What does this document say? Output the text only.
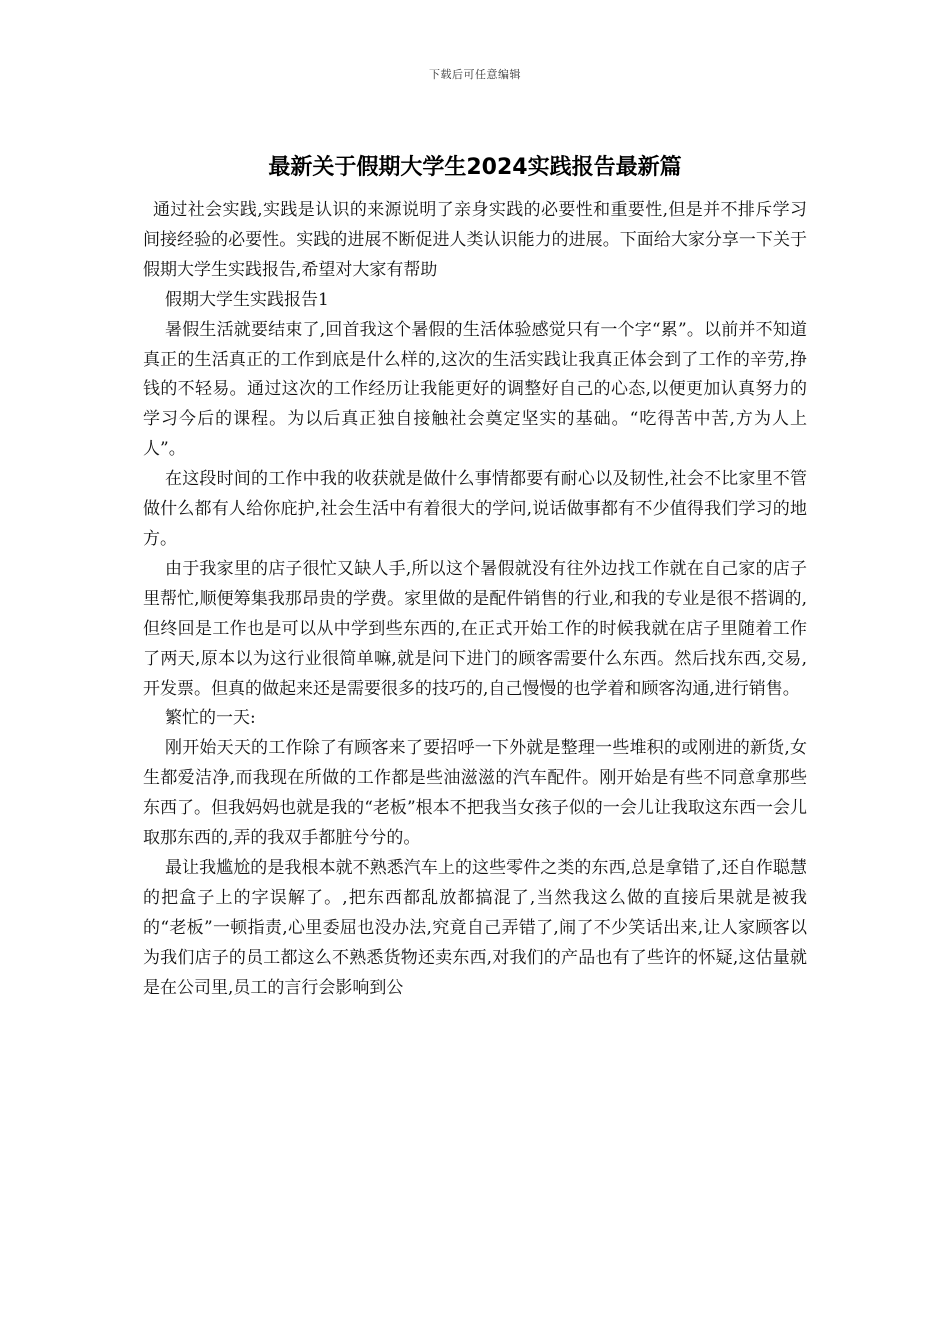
下载后可任意编辑
最新关于假期大学生2024实践报告最新篇

通过社会实践,实践是认识的来源说明了亲身实践的必要性和重要性,但是并不排斥学习间接经验的必要性。实践的进展不断促进人类认识能力的进展。下面给大家分享一下关于假期大学生实践报告,希望对大家有帮助

假期大学生实践报告1

暑假生活就要结束了,回首我这个暑假的生活体验感觉只有一个字“累”。以前并不知道真正的生活真正的工作到底是什么样的,这次的生活实践让我真正体会到了工作的辛劳,挣钱的不轻易。通过这次的工作经历让我能更好的调整好自己的心态,以便更加认真努力的学习今后的课程。为以后真正独自接触社会奠定坚实的基础。“吃得苦中苦,方为人上人”。

在这段时间的工作中我的收获就是做什么事情都要有耐心以及韧性,社会不比家里不管做什么都有人给你庇护,社会生活中有着很大的学问,说话做事都有不少值得我们学习的地方。

由于我家里的店子很忙又缺人手,所以这个暑假就没有往外边找工作就在自己家的店子里帮忙,顺便筹集我那昂贵的学费。家里做的是配件销售的行业,和我的专业是很不搭调的,但终回是工作也是可以从中学到些东西的,在正式开始工作的时候我就在店子里随着工作了两天,原本以为这行业很简单嘛,就是问下进门的顾客需要什么东西。然后找东西,交易,开发票。但真的做起来还是需要很多的技巧的,自己慢慢的也学着和顾客沟通,进行销售。

繁忙的一天:

刚开始天天的工作除了有顾客来了要招呼一下外就是整理一些堆积的或刚进的新货,女生都爱洁净,而我现在所做的工作都是些油滋滋的汽车配件。刚开始是有些不同意拿那些东西了。但我妈妈也就是我的“老板”根本不把我当女孩子似的一会儿让我取这东西一会儿取那东西的,弄的我双手都脏兮兮的。

最让我尴尬的是我根本就不熟悉汽车上的这些零件之类的东西,总是拿错了,还自作聪慧的把盒子上的字误解了。,把东西都乱放都搞混了,当然我这么做的直接后果就是被我的“老板”一顿指责,心里委屈也没办法,究竟自己弄错了,闹了不少笑话出来,让人家顾客以为我们店子的员工都这么不熟悉货物还卖东西,对我们的产品也有了些许的怀疑,这估量就是在公司里,员工的言行会影响到公
